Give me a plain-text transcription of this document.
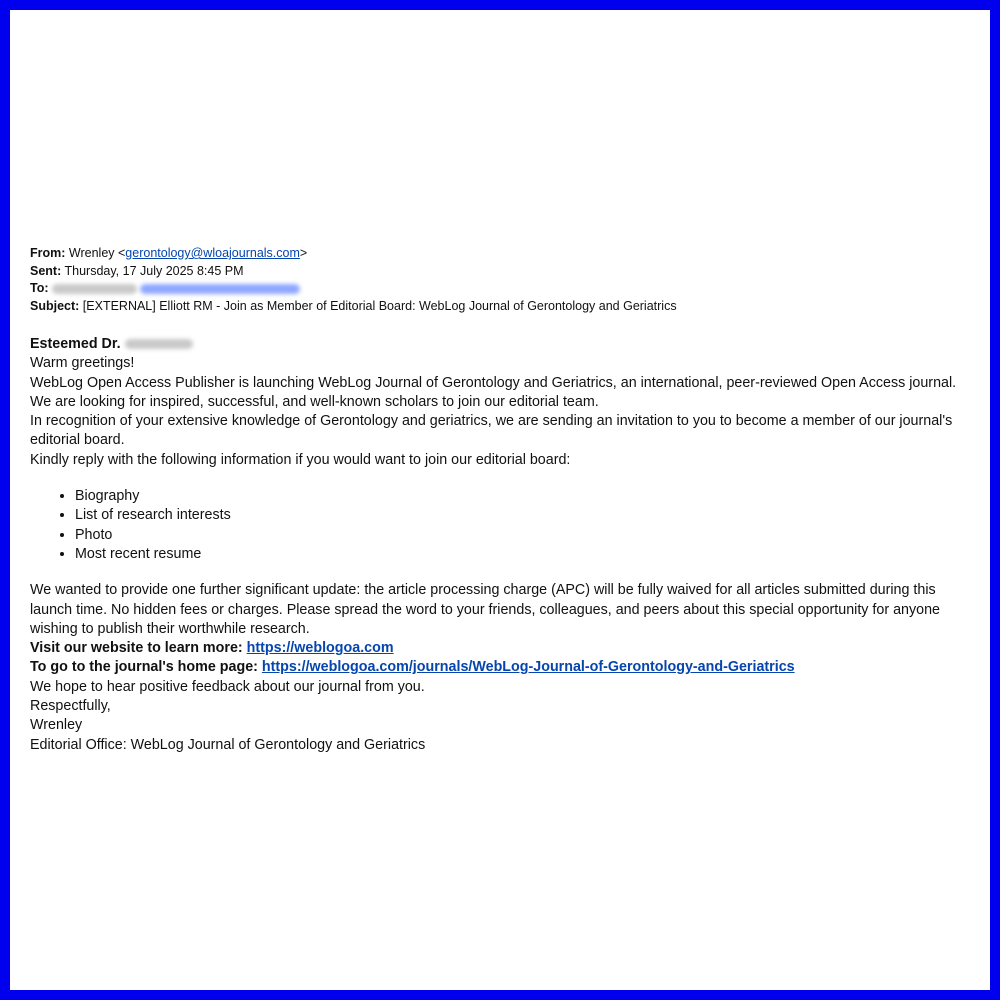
From: Wrenley <gerontology@wloajournals.com>
Sent: Thursday, 17 July 2025 8:45 PM
To:
Subject: [EXTERNAL] Elliott RM - Join as Member of Editorial Board: WebLog Journal of Gerontology and Geriatrics

Esteemed Dr.

Warm greetings!

WebLog Open Access Publisher is launching WebLog Journal of Gerontology and Geriatrics, an international, peer-reviewed Open Access journal.

We are looking for inspired, successful, and well-known scholars to join our editorial team.

In recognition of your extensive knowledge of Gerontology and geriatrics, we are sending an invitation to you to become a member of our journal's editorial board.

Kindly reply with the following information if you would want to join our editorial board:

• Biography
• List of research interests
• Photo
• Most recent resume

We wanted to provide one further significant update: the article processing charge (APC) will be fully waived for all articles submitted during this launch time. No hidden fees or charges. Please spread the word to your friends, colleagues, and peers about this special opportunity for anyone wishing to publish their worthwhile research.

Visit our website to learn more: https://weblogoa.com

To go to the journal's home page: https://weblogoa.com/journals/WebLog-Journal-of-Gerontology-and-Geriatrics

We hope to hear positive feedback about our journal from you.

Respectfully,

Wrenley

Editorial Office: WebLog Journal of Gerontology and Geriatrics
